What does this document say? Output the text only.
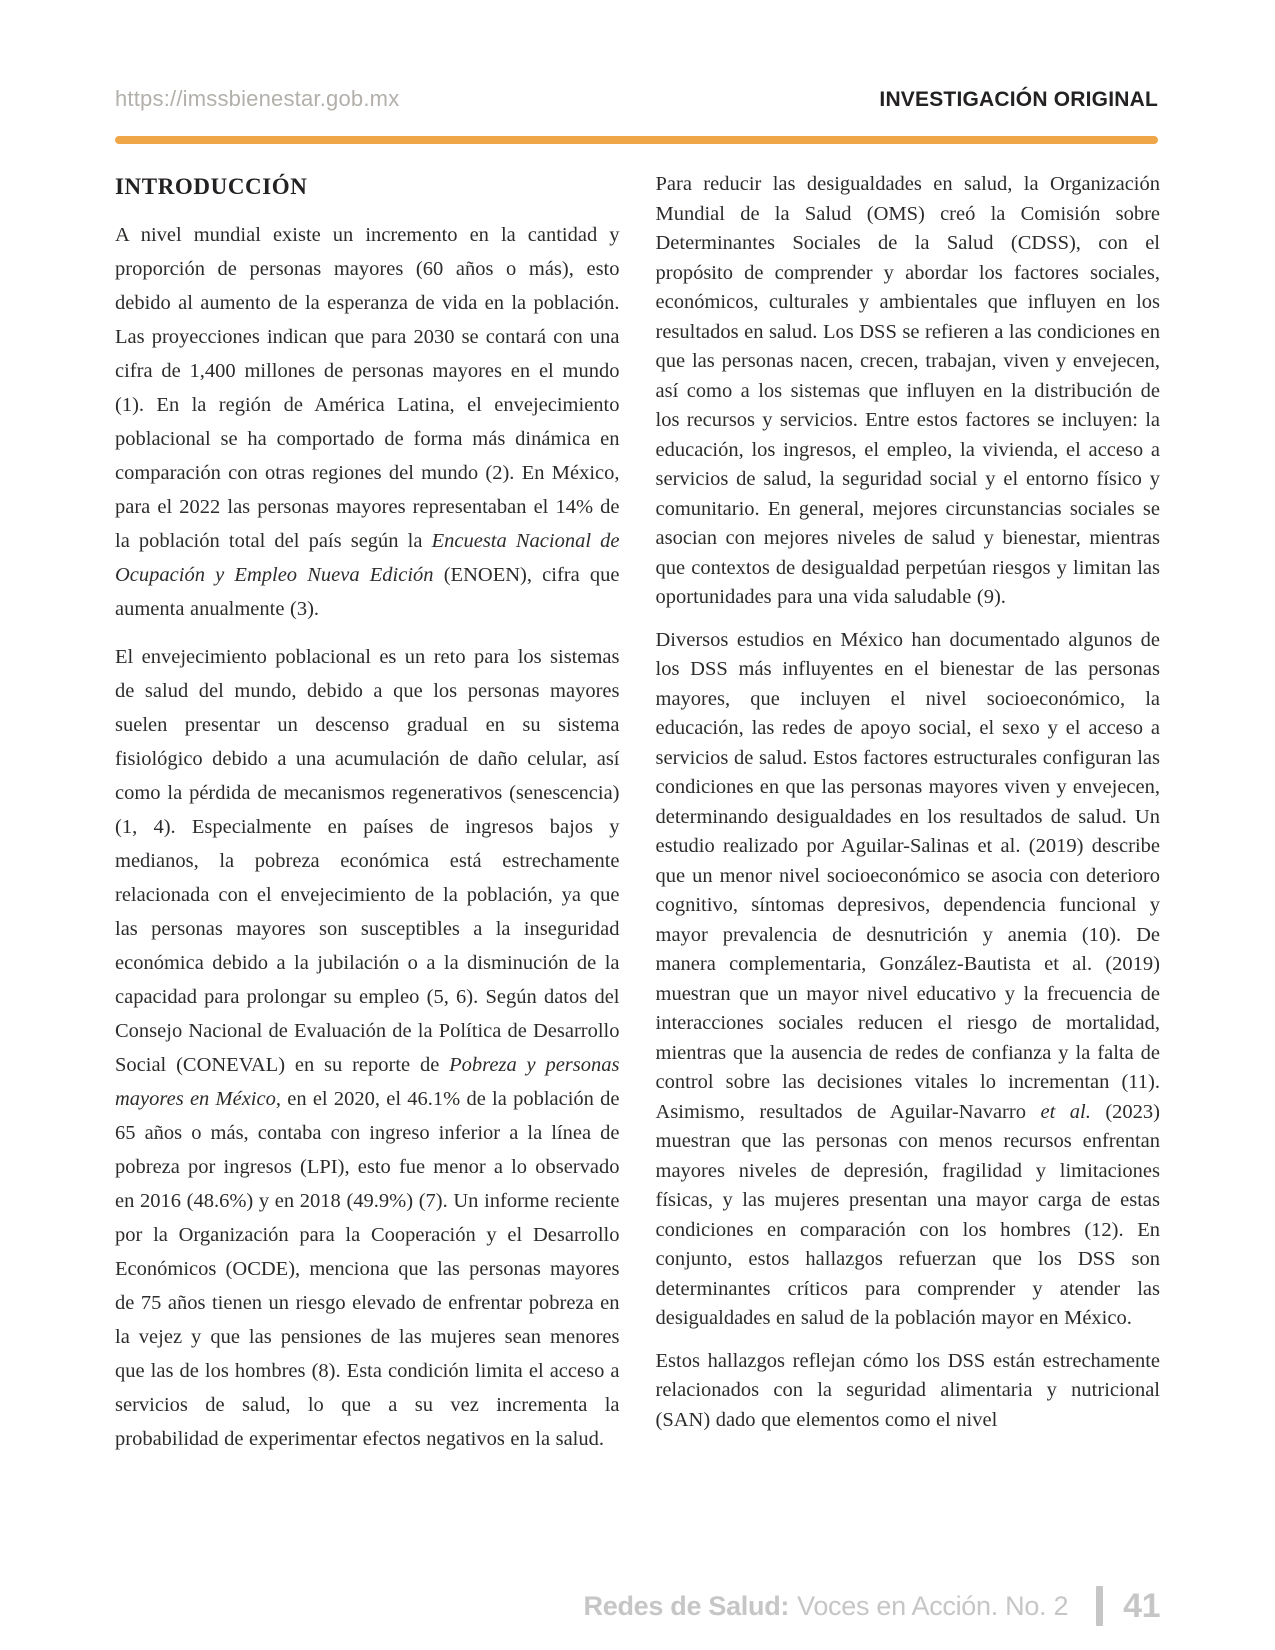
https://imssbienestar.gob.mx	INVESTIGACIÓN ORIGINAL
INTRODUCCIÓN

A nivel mundial existe un incremento en la cantidad y proporción de personas mayores (60 años o más), esto debido al aumento de la esperanza de vida en la población. Las proyecciones indican que para 2030 se contará con una cifra de 1,400 millones de personas mayores en el mundo (1). En la región de América Latina, el envejecimiento poblacional se ha comportado de forma más dinámica en comparación con otras regiones del mundo (2). En México, para el 2022 las personas mayores representaban el 14% de la población total del país según la Encuesta Nacional de Ocupación y Empleo Nueva Edición (ENOEN), cifra que aumenta anualmente (3).

El envejecimiento poblacional es un reto para los sistemas de salud del mundo, debido a que los personas mayores suelen presentar un descenso gradual en su sistema fisiológico debido a una acumulación de daño celular, así como la pérdida de mecanismos regenerativos (senescencia) (1, 4). Especialmente en países de ingresos bajos y medianos, la pobreza económica está estrechamente relacionada con el envejecimiento de la población, ya que las personas mayores son susceptibles a la inseguridad económica debido a la jubilación o a la disminución de la capacidad para prolongar su empleo (5, 6). Según datos del Consejo Nacional de Evaluación de la Política de Desarrollo Social (CONEVAL) en su reporte de Pobreza y personas mayores en México, en el 2020, el 46.1% de la población de 65 años o más, contaba con ingreso inferior a la línea de pobreza por ingresos (LPI), esto fue menor a lo observado en 2016 (48.6%) y en 2018 (49.9%) (7). Un informe reciente por la Organización para la Cooperación y el Desarrollo Económicos (OCDE), menciona que las personas mayores de 75 años tienen un riesgo elevado de enfrentar pobreza en la vejez y que las pensiones de las mujeres sean menores que las de los hombres (8). Esta condición limita el acceso a servicios de salud, lo que a su vez incrementa la probabilidad de experimentar efectos negativos en la salud.

Para reducir las desigualdades en salud, la Organización Mundial de la Salud (OMS) creó la Comisión sobre Determinantes Sociales de la Salud (CDSS), con el propósito de comprender y abordar los factores sociales, económicos, culturales y ambientales que influyen en los resultados en salud. Los DSS se refieren a las condiciones en que las personas nacen, crecen, trabajan, viven y envejecen, así como a los sistemas que influyen en la distribución de los recursos y servicios. Entre estos factores se incluyen: la educación, los ingresos, el empleo, la vivienda, el acceso a servicios de salud, la seguridad social y el entorno físico y comunitario. En general, mejores circunstancias sociales se asocian con mejores niveles de salud y bienestar, mientras que contextos de desigualdad perpetúan riesgos y limitan las oportunidades para una vida saludable (9).

Diversos estudios en México han documentado algunos de los DSS más influyentes en el bienestar de las personas mayores, que incluyen el nivel socioeconómico, la educación, las redes de apoyo social, el sexo y el acceso a servicios de salud. Estos factores estructurales configuran las condiciones en que las personas mayores viven y envejecen, determinando desigualdades en los resultados de salud. Un estudio realizado por Aguilar-Salinas et al. (2019) describe que un menor nivel socioeconómico se asocia con deterioro cognitivo, síntomas depresivos, dependencia funcional y mayor prevalencia de desnutrición y anemia (10). De manera complementaria, González-Bautista et al. (2019) muestran que un mayor nivel educativo y la frecuencia de interacciones sociales reducen el riesgo de mortalidad, mientras que la ausencia de redes de confianza y la falta de control sobre las decisiones vitales lo incrementan (11). Asimismo, resultados de Aguilar-Navarro et al. (2023) muestran que las personas con menos recursos enfrentan mayores niveles de depresión, fragilidad y limitaciones físicas, y las mujeres presentan una mayor carga de estas condiciones en comparación con los hombres (12). En conjunto, estos hallazgos refuerzan que los DSS son determinantes críticos para comprender y atender las desigualdades en salud de la población mayor en México.

Estos hallazgos reflejan cómo los DSS están estrechamente relacionados con la seguridad alimentaria y nutricional (SAN) dado que elementos como el nivel

Redes de Salud: Voces en Acción. No. 2 41
